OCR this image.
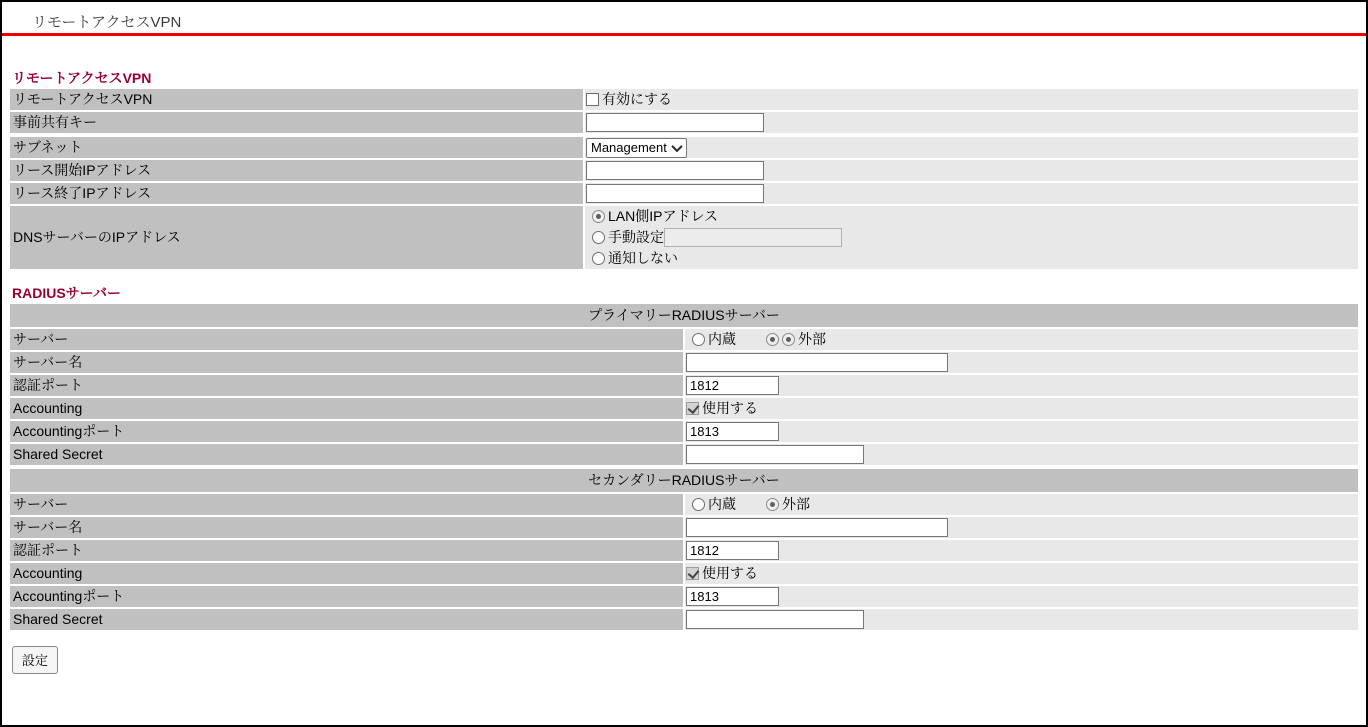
リモートアクセスVPN
リモートアクセスVPN
リモートアクセスVPN	有効にする

事前共有キー	
サブネット	Management

リース開始IPアドレス	
リース終了IPアドレス	
DNSサーバーのIPアドレス	LAN側IPアドレス
手動設定
通知しない
RADIUSサーバー
プライマリーRADIUSサーバー	
サーバー	内蔵 外部

サーバー名	
認証ポート	1812
Accounting	使用する

Accountingポート	1813
Shared Secret	
セカンダリーRADIUSサーバー	
サーバー	内蔵 外部

サーバー名	
認証ポート	1812
Accounting	使用する

Accountingポート	1813
Shared Secret	
設定
